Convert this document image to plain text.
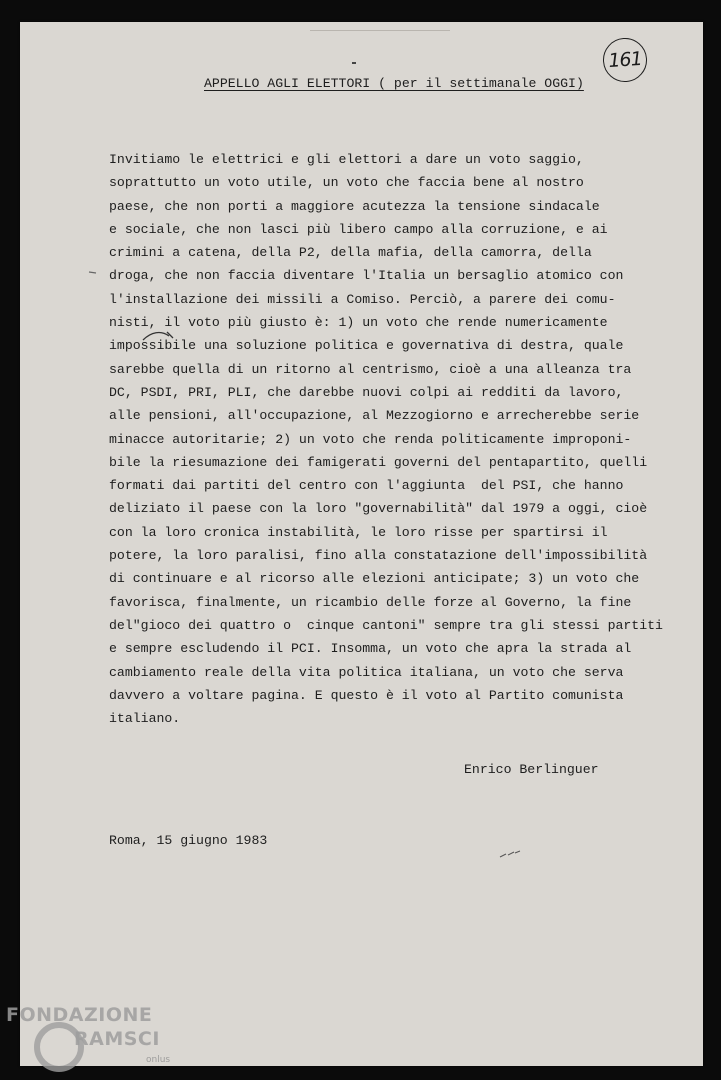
161
APPELLO AGLI ELETTORI ( per il settimanale OGGI)
Invitiamo le elettrici e gli elettori a dare un voto saggio,
soprattutto un voto utile, un voto che faccia bene al nostro
paese, che non porti a maggiore acutezza la tensione sindacale
e sociale, che non lasci più libero campo alla corruzione, e ai
crimini a catena, della P2, della mafia, della camorra, della
droga, che non faccia diventare l'Italia un bersaglio atomico con
l'installazione dei missili a Comiso. Perciò, a parere dei comu-
nisti, il voto più giusto è: 1) un voto che rende numericamente
impossibile una soluzione politica e governativa di destra, quale
sarebbe quella di un ritorno al centrismo, cioè a una alleanza tra
DC, PSDI, PRI, PLI, che darebbe nuovi colpi ai redditi da lavoro,
alle pensioni, all'occupazione, al Mezzogiorno e arrecherebbe serie
minacce autoritarie; 2) un voto che renda politicamente improponi-
bile la riesumazione dei famigerati governi del pentapartito, quelli
formati dai partiti del centro con l'aggiunta  del PSI, che hanno
deliziato il paese con la loro "governabilità" dal 1979 a oggi, cioè
con la loro cronica instabilità, le loro risse per spartirsi il
potere, la loro paralisi, fino alla constatazione dell'impossibilità
di continuare e al ricorso alle elezioni anticipate; 3) un voto che
favorisca, finalmente, un ricambio delle forze al Governo, la fine
del"gioco dei quattro o  cinque cantoni" sempre tra gli stessi partiti
e sempre escludendo il PCI. Insomma, un voto che apra la strada al
cambiamento reale della vita politica italiana, un voto che serva
davvero a voltare pagina. E questo è il voto al Partito comunista
italiano.
Enrico Berlinguer
Roma, 15 giugno 1983
FONDAZIONE
RAMSCI
onlus
